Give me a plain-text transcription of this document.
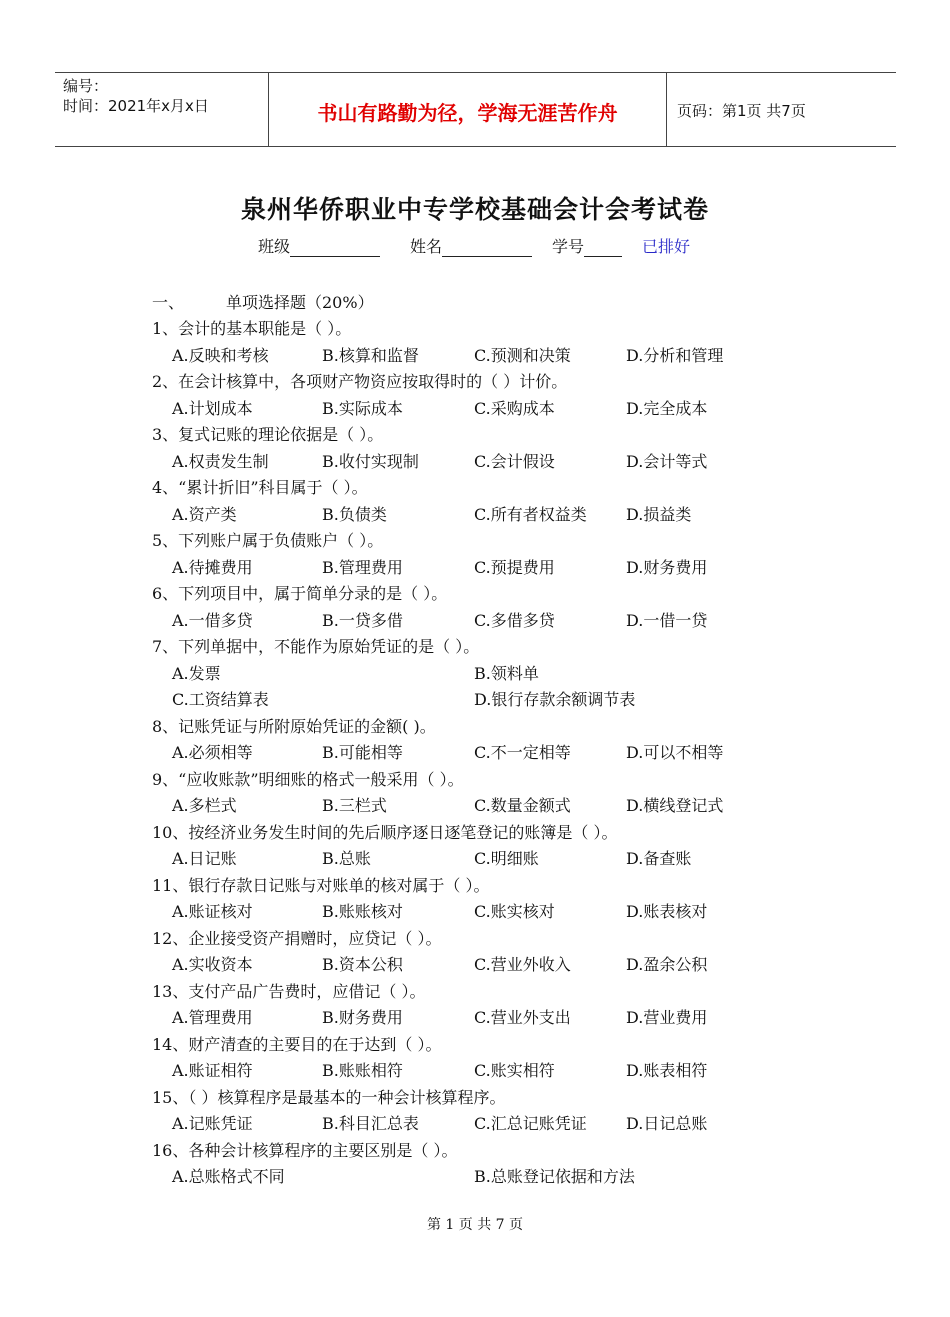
编号：
时间：2021年x月x日	书山有路勤为径，学海无涯苦作舟	页码：第1页 共7页
泉州华侨职业中专学校基础会计会考试卷
班级	姓名	学号	已排好
一、	单项选择题（20%）
1、会计的基本职能是（ ）。
A.反映和考核	B.核算和监督	C.预测和决策	D.分析和管理
2、在会计核算中，各项财产物资应按取得时的（ ）计价。
A.计划成本	B.实际成本	C.采购成本	D.完全成本
3、复式记账的理论依据是（ ）。
A.权责发生制	B.收付实现制	C.会计假设	D.会计等式
4、“累计折旧”科目属于（ ）。
A.资产类	B.负债类	C.所有者权益类 D.损益类
5、下列账户属于负债账户（ ）。
A.待摊费用	B.管理费用	C.预提费用	D.财务费用
6、下列项目中，属于简单分录的是（ ）。
A.一借多贷	B.一贷多借	C.多借多贷	D.一借一贷
7、下列单据中，不能作为原始凭证的是（ ）。
A.发票	B.领料单
C.工资结算表	D.银行存款余额调节表
8、记账凭证与所附原始凭证的金额( )。
A.必须相等	B.可能相等	C.不一定相等	D.可以不相等
9、“应收账款”明细账的格式一般采用（ ）。
A.多栏式	B.三栏式	C.数量金额式	D.横线登记式
10、按经济业务发生时间的先后顺序逐日逐笔登记的账簿是（ ）。
A.日记账	B.总账	C.明细账	D.备查账
11、银行存款日记账与对账单的核对属于（ ）。
A.账证核对	B.账账核对	C.账实核对	D.账表核对
12、企业接受资产捐赠时，应贷记（ ）。
A.实收资本	B.资本公积	C.营业外收入	D.盈余公积
13、支付产品广告费时，应借记（ ）。
A.管理费用	B.财务费用	C.营业外支出	D.营业费用
14、财产清查的主要目的在于达到（ ）。
A.账证相符	B.账账相符	C.账实相符	D.账表相符
15、（ ）核算程序是最基本的一种会计核算程序。
A.记账凭证	B.科目汇总表	C.汇总记账凭证 D.日记总账
16、各种会计核算程序的主要区别是（ ）。
A.总账格式不同	B.总账登记依据和方法
第 1 页 共 7 页
